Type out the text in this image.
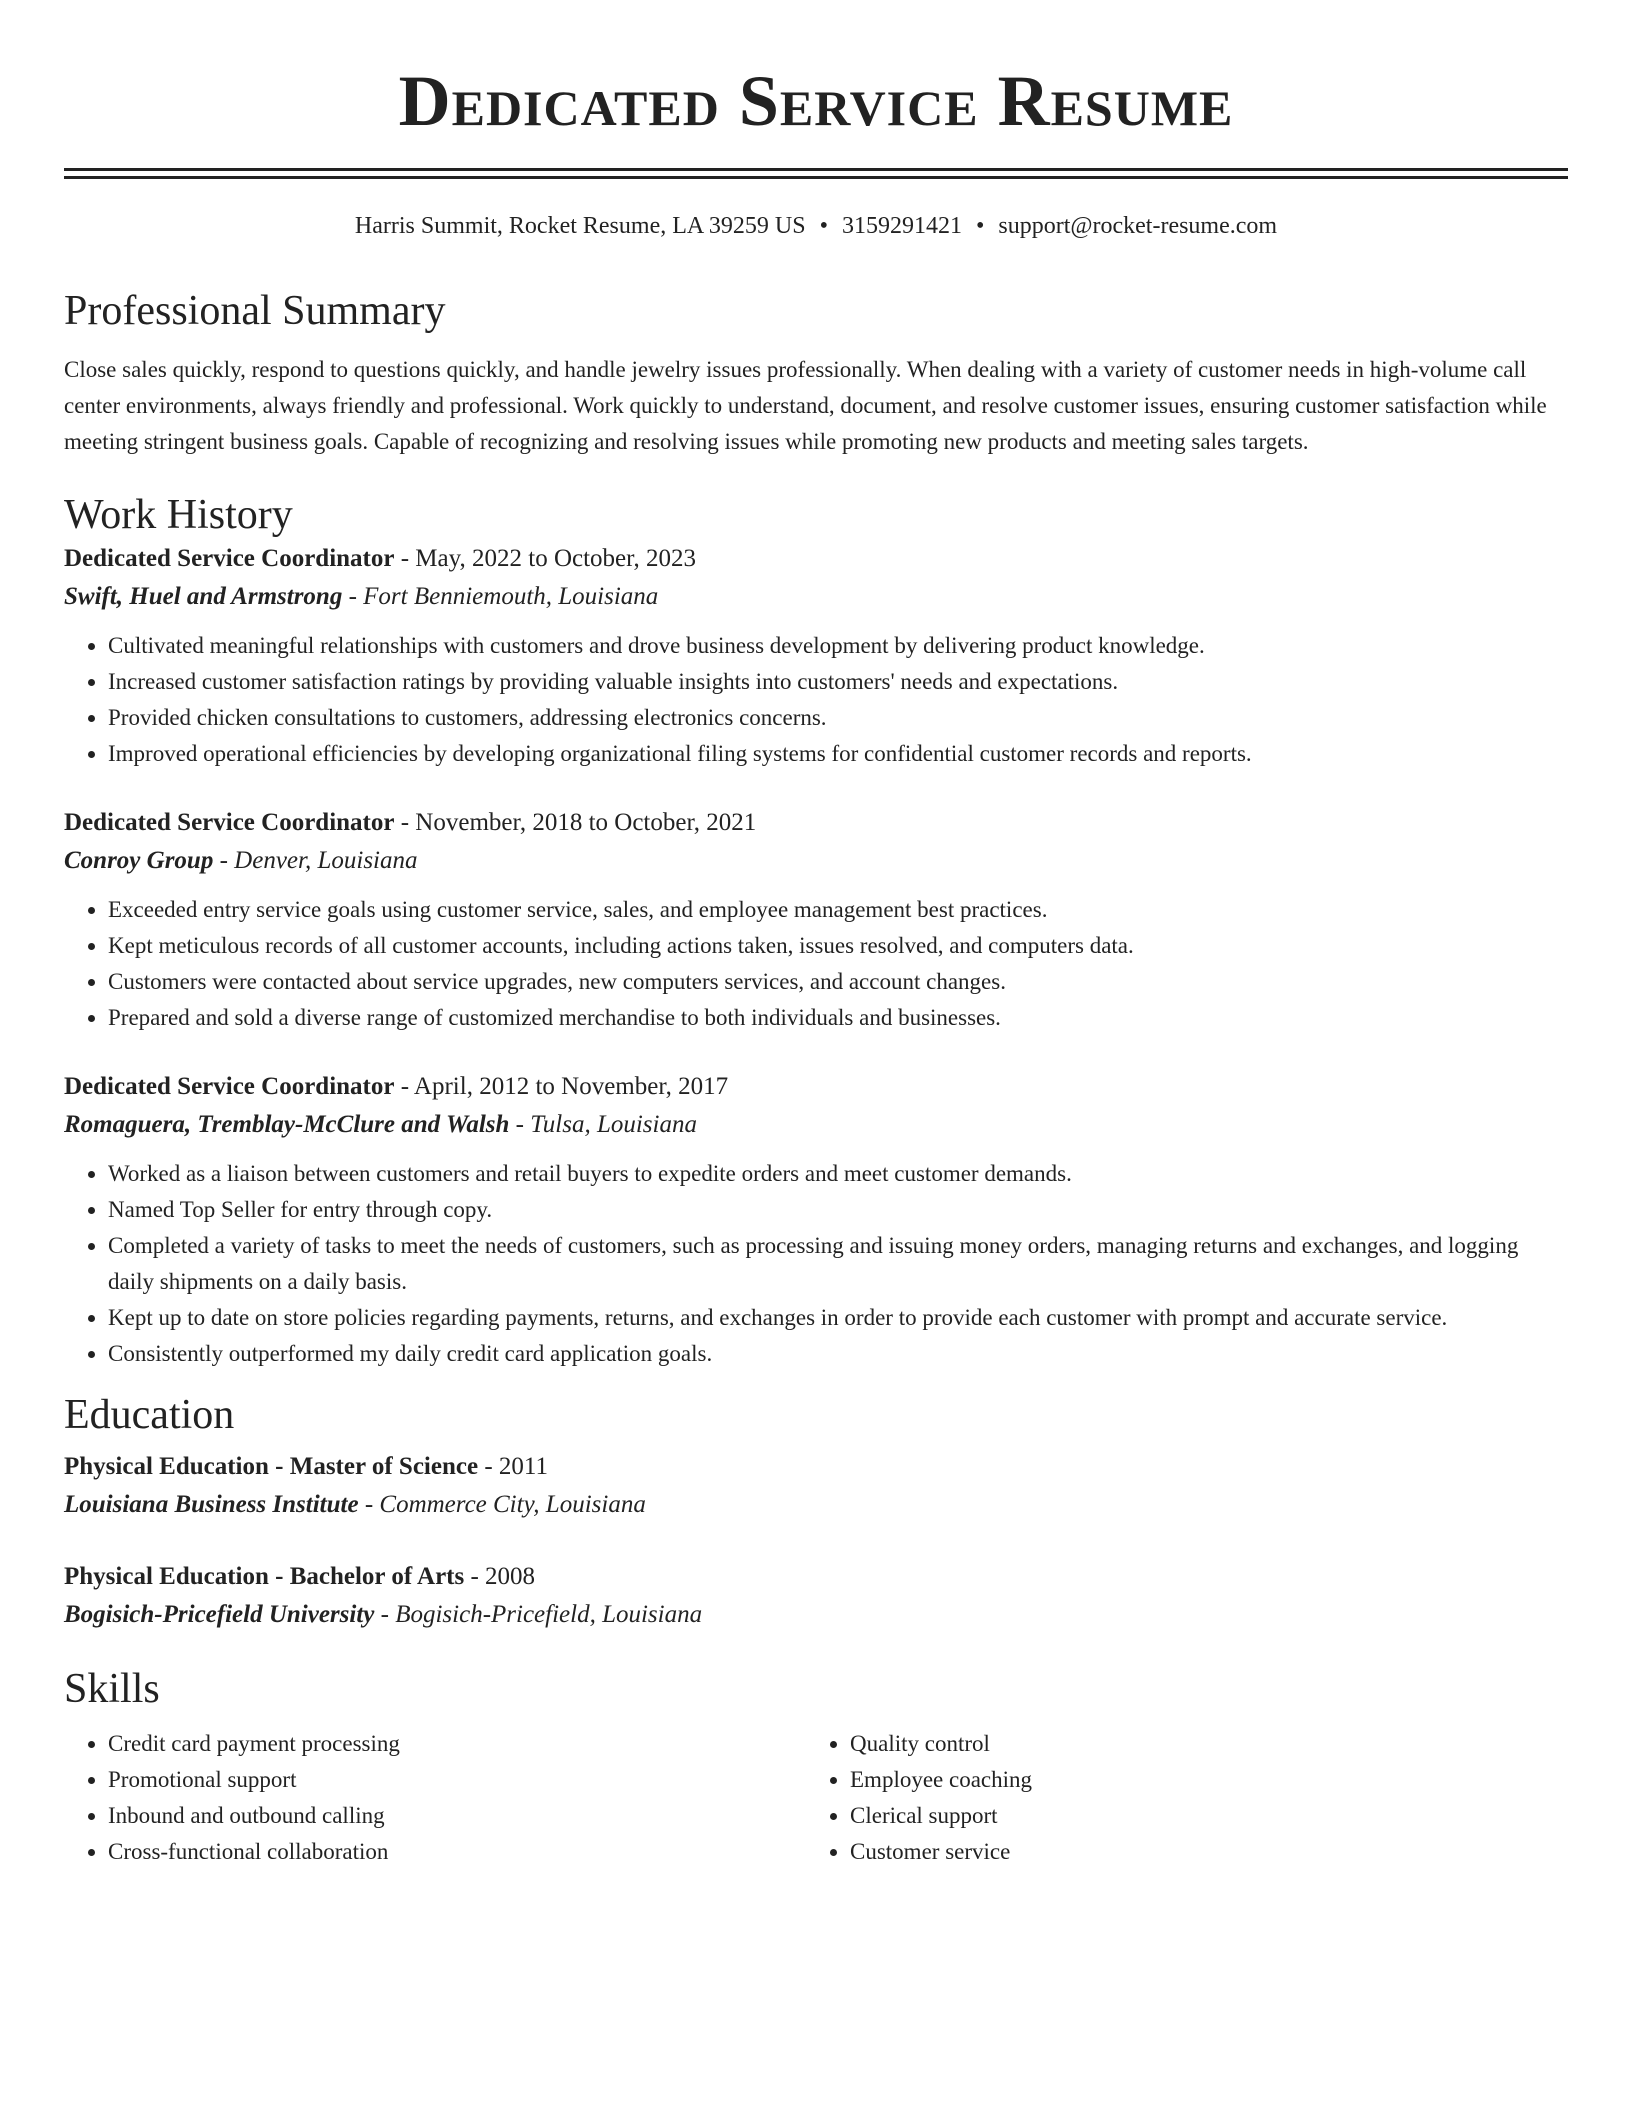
Dedicated Service Resume
Harris Summit, Rocket Resume, LA 39259 US • 3159291421 • support@rocket-resume.com
Professional Summary

Close sales quickly, respond to questions quickly, and handle jewelry issues professionally. When dealing with a variety of customer needs in high-volume call center environments, always friendly and professional. Work quickly to understand, document, and resolve customer issues, ensuring customer satisfaction while meeting stringent business goals. Capable of recognizing and resolving issues while promoting new products and meeting sales targets.

Work History
Dedicated Service Coordinator - May, 2022 to October, 2023
Swift, Huel and Armstrong - Fort Benniemouth, Louisiana
• Cultivated meaningful relationships with customers and drove business development by delivering product knowledge.
• Increased customer satisfaction ratings by providing valuable insights into customers' needs and expectations.
• Provided chicken consultations to customers, addressing electronics concerns.
• Improved operational efficiencies by developing organizational filing systems for confidential customer records and reports.
Dedicated Service Coordinator - November, 2018 to October, 2021
Conroy Group - Denver, Louisiana
• Exceeded entry service goals using customer service, sales, and employee management best practices.
• Kept meticulous records of all customer accounts, including actions taken, issues resolved, and computers data.
• Customers were contacted about service upgrades, new computers services, and account changes.
• Prepared and sold a diverse range of customized merchandise to both individuals and businesses.
Dedicated Service Coordinator - April, 2012 to November, 2017
Romaguera, Tremblay-McClure and Walsh - Tulsa, Louisiana
• Worked as a liaison between customers and retail buyers to expedite orders and meet customer demands.
• Named Top Seller for entry through copy.
• Completed a variety of tasks to meet the needs of customers, such as processing and issuing money orders, managing returns and exchanges, and logging daily shipments on a daily basis.
• Kept up to date on store policies regarding payments, returns, and exchanges in order to provide each customer with prompt and accurate service.
• Consistently outperformed my daily credit card application goals.
Education
Physical Education - Master of Science - 2011
Louisiana Business Institute - Commerce City, Louisiana
Physical Education - Bachelor of Arts - 2008
Bogisich-Pricefield University - Bogisich-Pricefield, Louisiana
Skills
• Credit card payment processing
• Promotional support
• Inbound and outbound calling
• Cross-functional collaboration
• Quality control
• Employee coaching
• Clerical support
• Customer service
